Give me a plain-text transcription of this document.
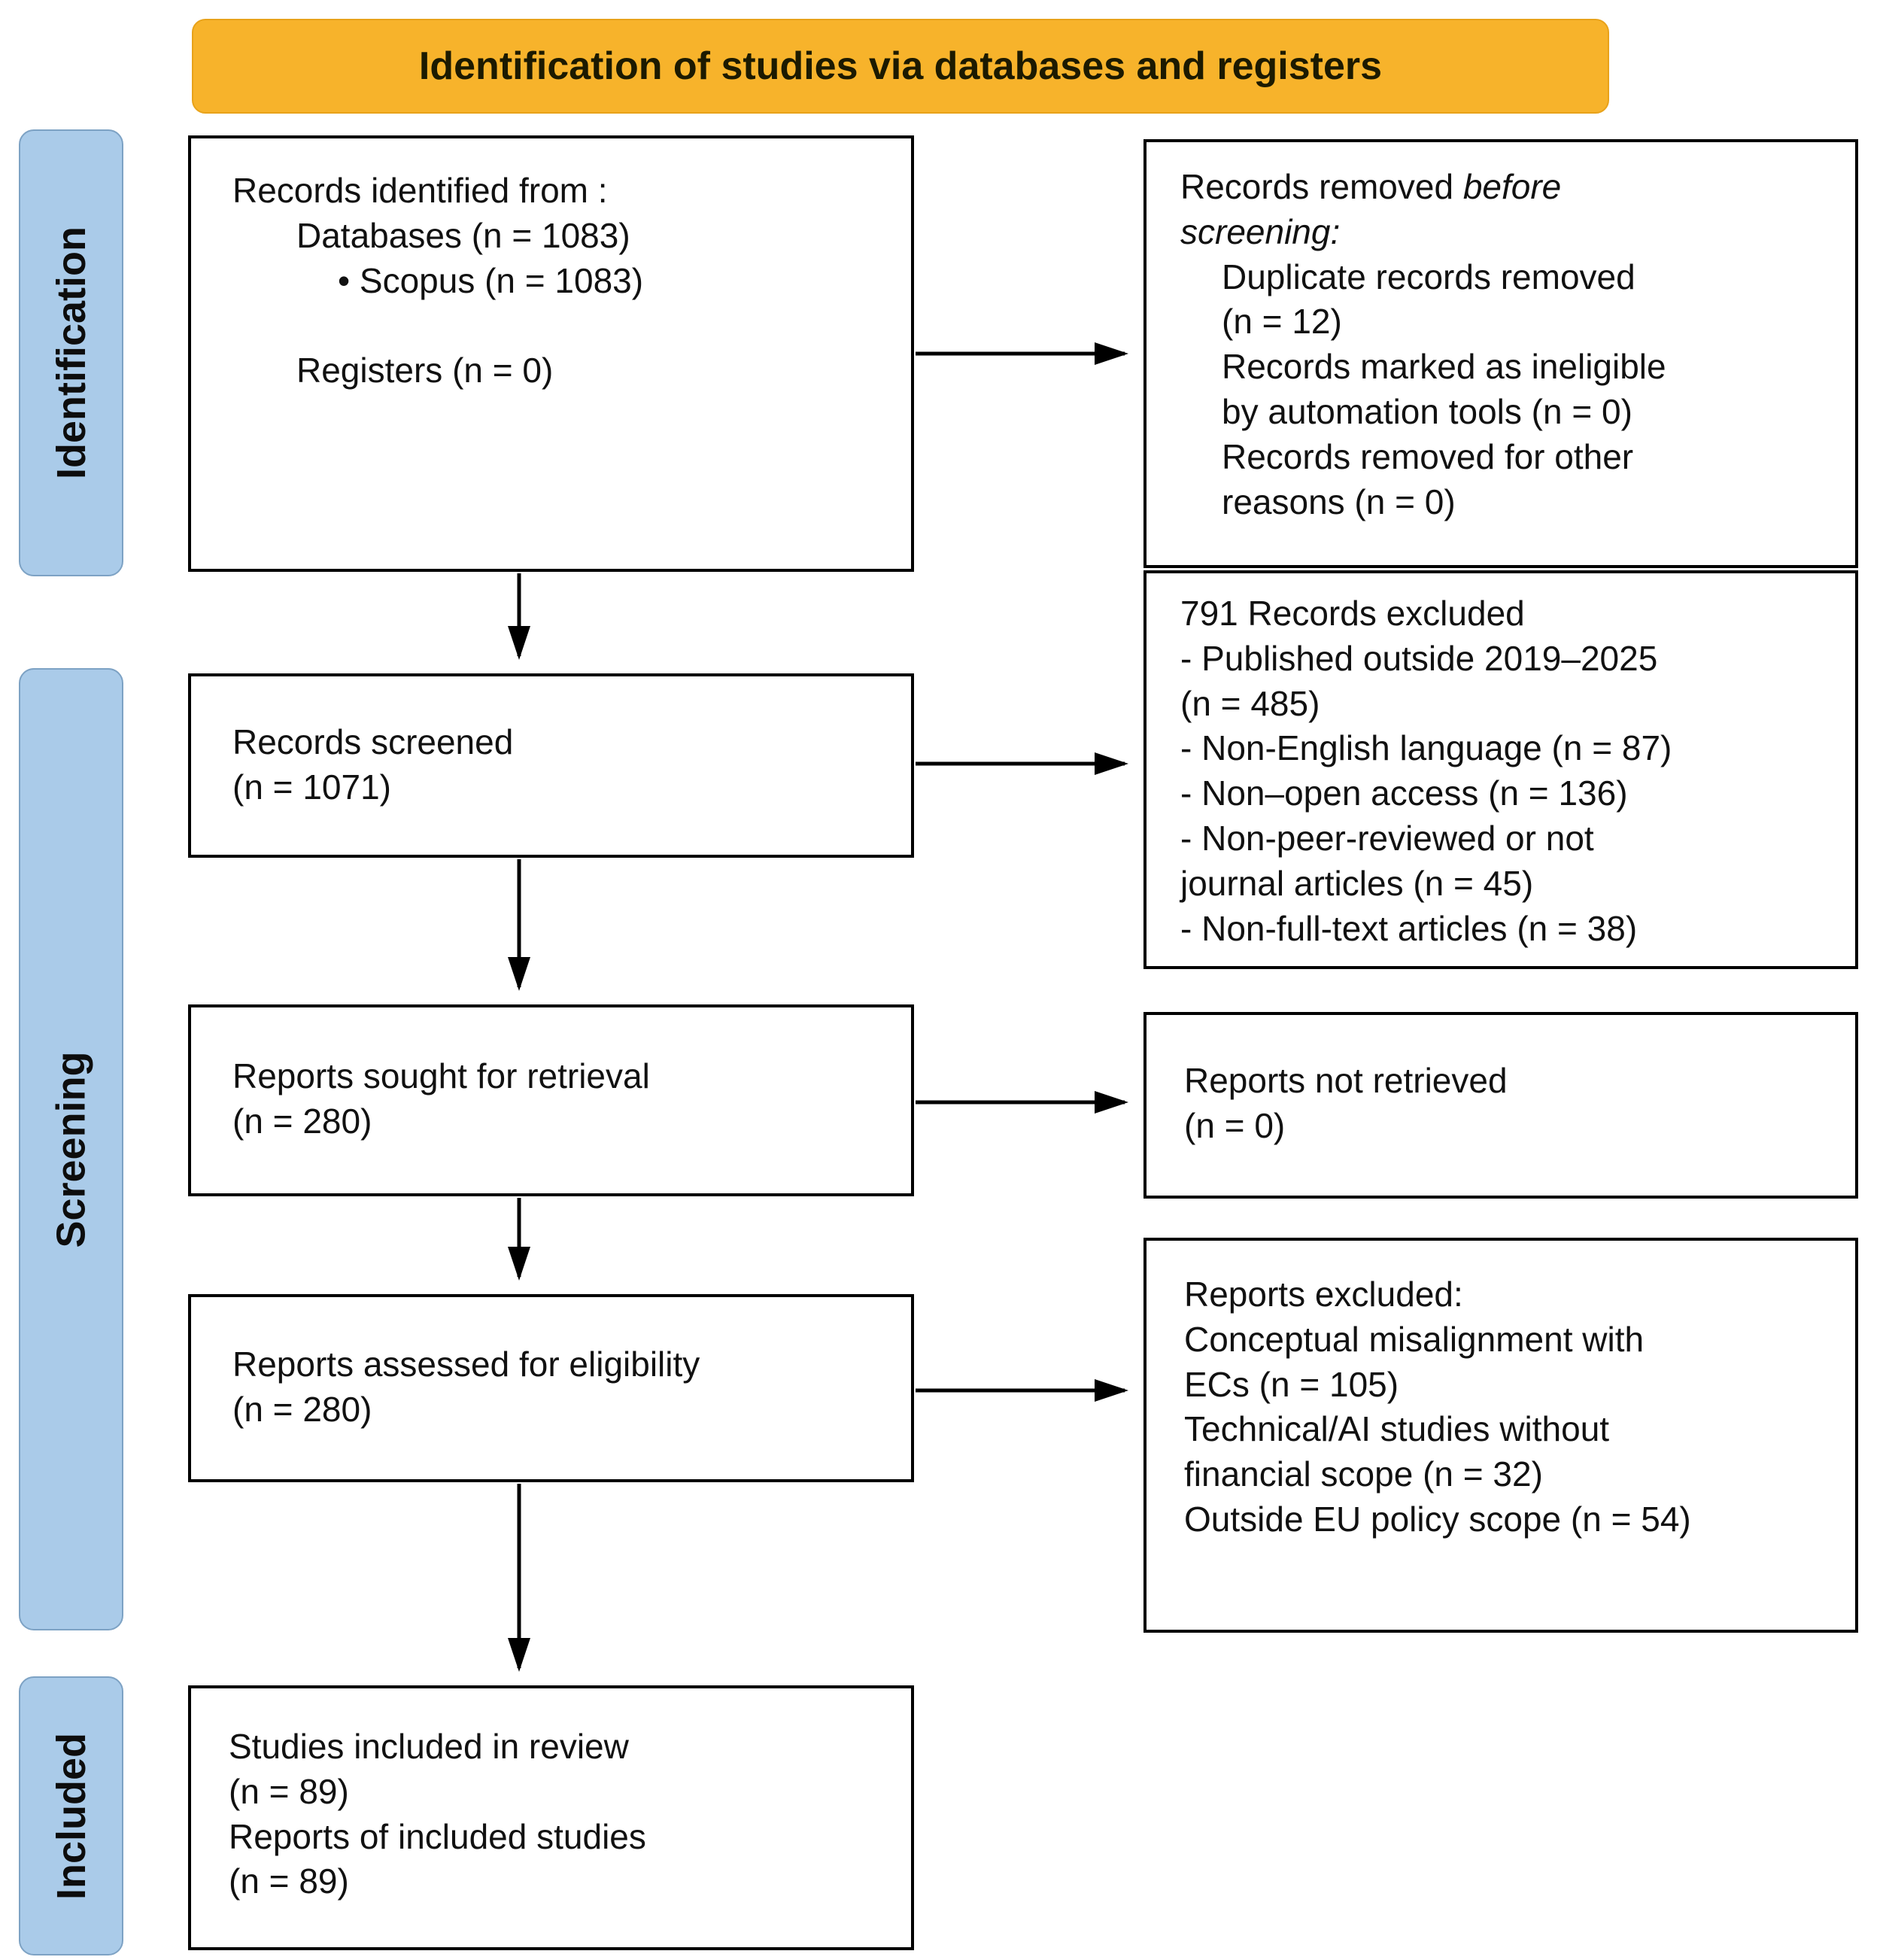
Identification of studies via databases and registers
Identification
Screening
Included
Records identified from :
Databases (n = 1083)
• Scopus (n = 1083)
Registers (n = 0)
Records removed before
screening:
Duplicate records removed
(n = 12)
Records marked as ineligible
by automation tools (n = 0)
Records removed for other
reasons (n = 0)
Records screened
(n = 1071)
791 Records excluded
- Published outside 2019–2025
(n = 485)
- Non-English language (n = 87)
- Non–open access (n = 136)
- Non-peer-reviewed or not
journal articles (n = 45)
- Non-full-text articles (n = 38)
Reports sought for retrieval
(n = 280)
Reports not retrieved
(n = 0)
Reports assessed for eligibility
(n = 280)
Reports excluded:
Conceptual misalignment with
ECs (n = 105)
Technical/AI studies without
financial scope (n = 32)
Outside EU policy scope (n = 54)
Studies included in review
(n = 89)
Reports of included studies
(n = 89)
